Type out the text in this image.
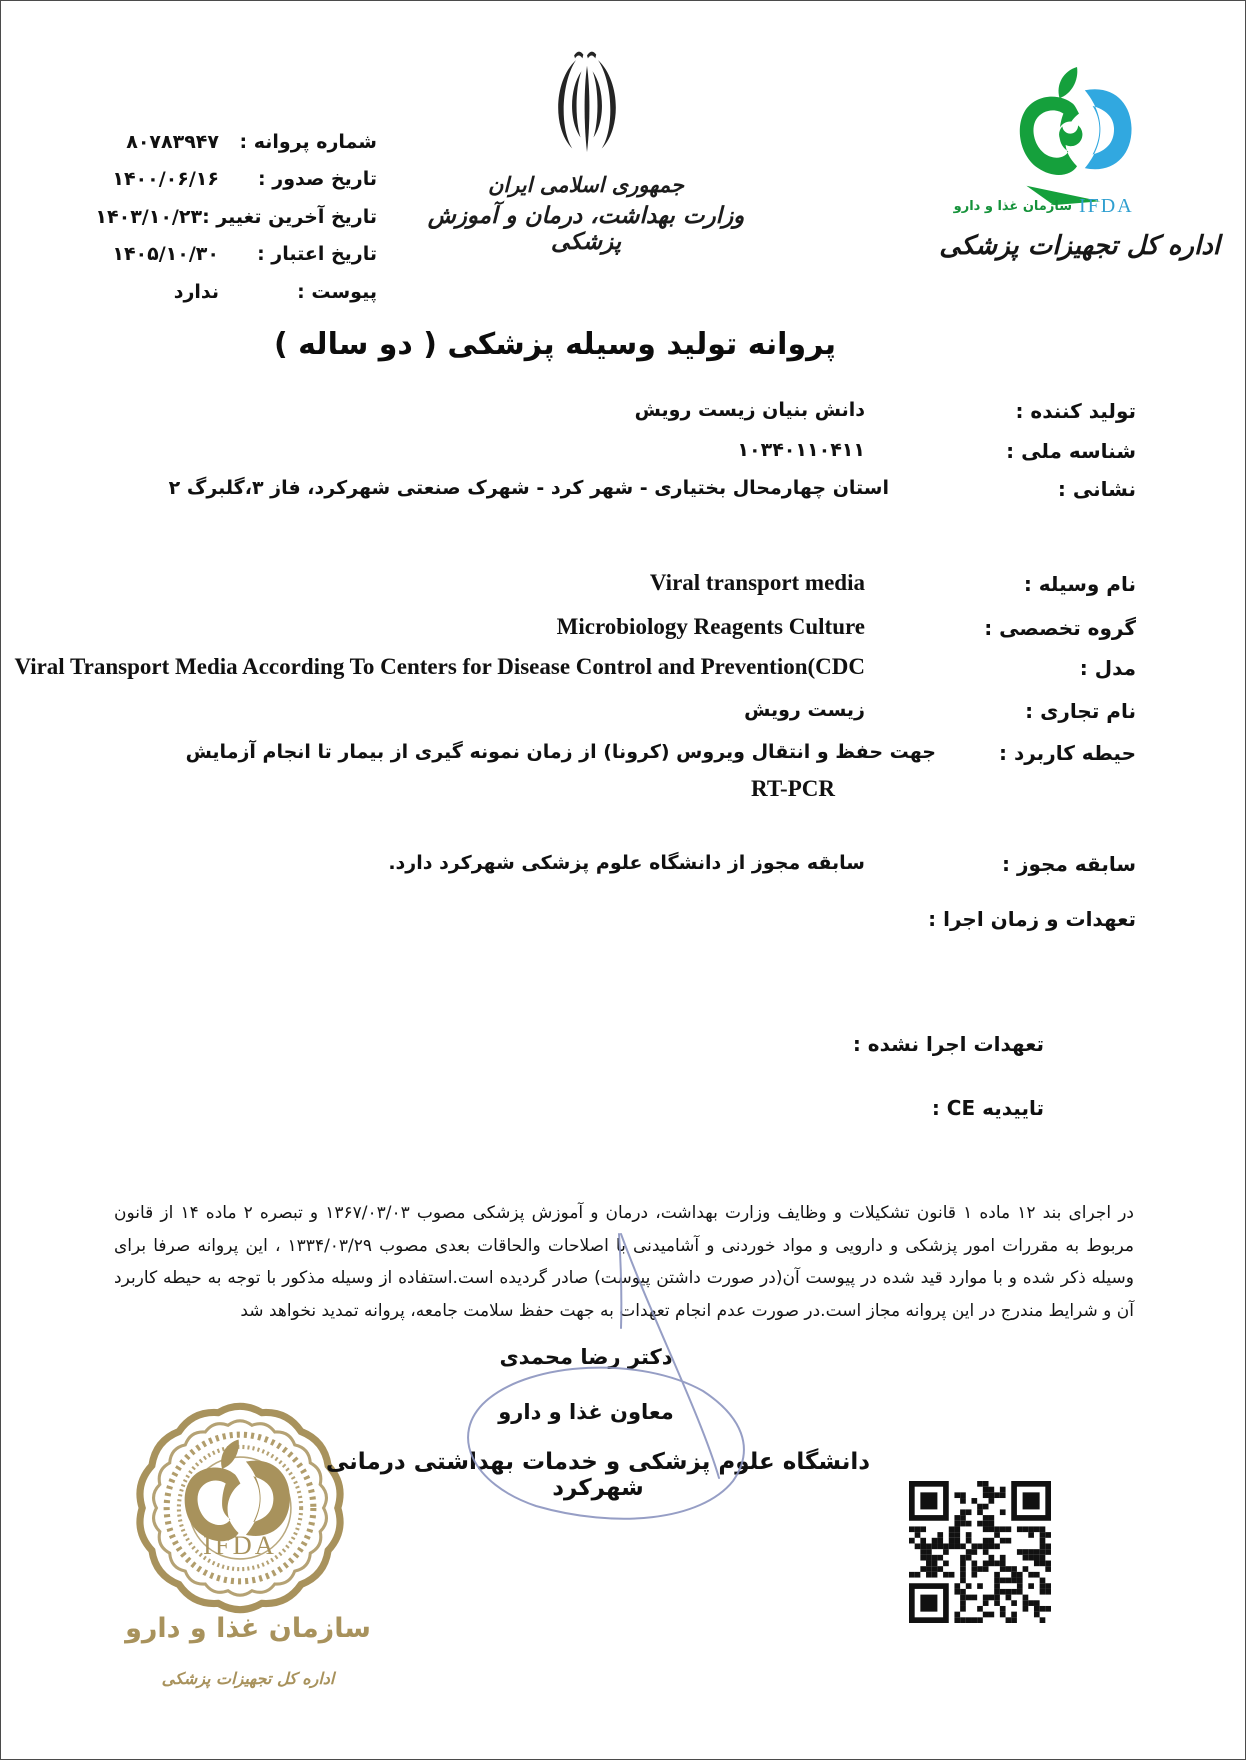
شماره پروانه :
۸۰۷۸۳۹۴۷
تاریخ صدور :
۱۴۰۰/۰۶/۱۶
تاریخ آخرین تغییر :
۱۴۰۳/۱۰/۲۳
تاریخ اعتبار :
۱۴۰۵/۱۰/۳۰
پیوست :
ندارد
جمهوری اسلامی ایران
وزارت بهداشت، درمان و آموزش پزشکی
سازمان غذا و دارو IFDA
اداره کل تجهیزات پزشکی
پروانه تولید وسیله پزشکی ( دو ساله )
تولید کننده :
دانش بنیان زیست رویش
شناسه ملی :
۱۰۳۴۰۱۱۰۴۱۱
نشانی :
استان چهارمحال بختیاری - شهر کرد - شهرک صنعتی شهرکرد، فاز ۳،گلبرگ ۲
نام وسیله :
Viral transport media
گروه تخصصی :
Microbiology Reagents Culture
مدل :
Viral Transport Media According To Centers for Disease Control and Prevention(CDC
نام تجاری :
زیست رویش
حیطه کاربرد :
جهت حفظ و انتقال ویروس (کرونا) از زمان نمونه گیری از بیمار تا انجام آزمایش
RT-PCR
سابقه مجوز :
سابقه مجوز از دانشگاه علوم پزشکی شهرکرد دارد.
تعهدات و زمان اجرا :
تعهدات اجرا نشده :
تاییدیه CE :
در اجرای بند ۱۲ ماده ۱ قانون تشکیلات و وظایف وزارت بهداشت، درمان و آموزش پزشکی مصوب ۱۳۶۷/۰۳/۰۳ و تبصره ۲ ماده ۱۴ از قانون
مربوط به مقررات امور پزشکی و دارویی و مواد خوردنی و آشامیدنی با اصلاحات والحاقات بعدی مصوب ۱۳۳۴/۰۳/۲۹ ، این پروانه صرفا برای
وسیله ذکر شده و با موارد قید شده در پیوست آن(در صورت داشتن پیوست) صادر گردیده است.استفاده از وسیله مذکور با توجه به حیطه کاربرد
آن و شرایط مندرج در این پروانه مجاز است.در صورت عدم انجام تعهدات به جهت حفظ سلامت جامعه، پروانه تمدید نخواهد شد
دکتر رضا محمدی
معاون غذا و دارو
دانشگاه علوم پزشکی و خدمات بهداشتی درمانی شهرکرد
IFDA
سازمان غذا و دارو
اداره کل تجهیزات پزشکی
